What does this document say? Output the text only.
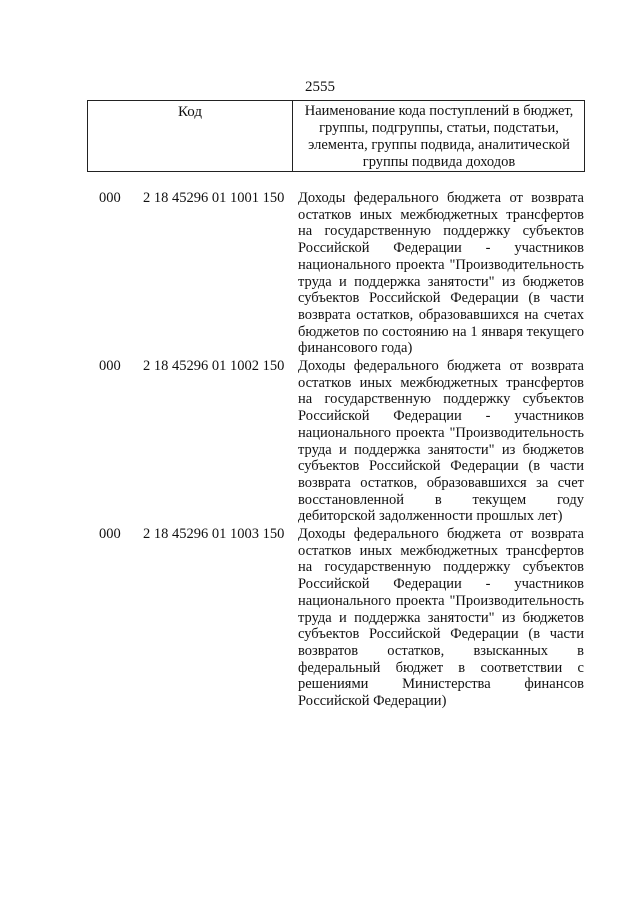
2555
Код	Наименование кода поступлений в бюджет,
группы, подгруппы, статьи, подстатьи,
элемента, группы подвида, аналитической
группы подвида доходов
000 2 18 45296 01 1001 150 Доходы федерального бюджета от возврата
остатков иных межбюджетных трансфертов
на государственную поддержку субъектов
Российской Федерации - участников
национального проекта "Производительность
труда и поддержка занятости" из бюджетов
субъектов Российской Федерации (в части
возврата остатков, образовавшихся на счетах
бюджетов по состоянию на 1 января текущего
финансового года)
000 2 18 45296 01 1002 150 Доходы федерального бюджета от возврата
остатков иных межбюджетных трансфертов
на государственную поддержку субъектов
Российской Федерации - участников
национального проекта "Производительность
труда и поддержка занятости" из бюджетов
субъектов Российской Федерации (в части
возврата остатков, образовавшихся за счет
восстановленной в текущем году
дебиторской задолженности прошлых лет)
000 2 18 45296 01 1003 150 Доходы федерального бюджета от возврата
остатков иных межбюджетных трансфертов
на государственную поддержку субъектов
Российской Федерации - участников
национального проекта "Производительность
труда и поддержка занятости" из бюджетов
субъектов Российской Федерации (в части
возвратов остатков, взысканных в
федеральный бюджет в соответствии с
решениями Министерства финансов
Российской Федерации)
